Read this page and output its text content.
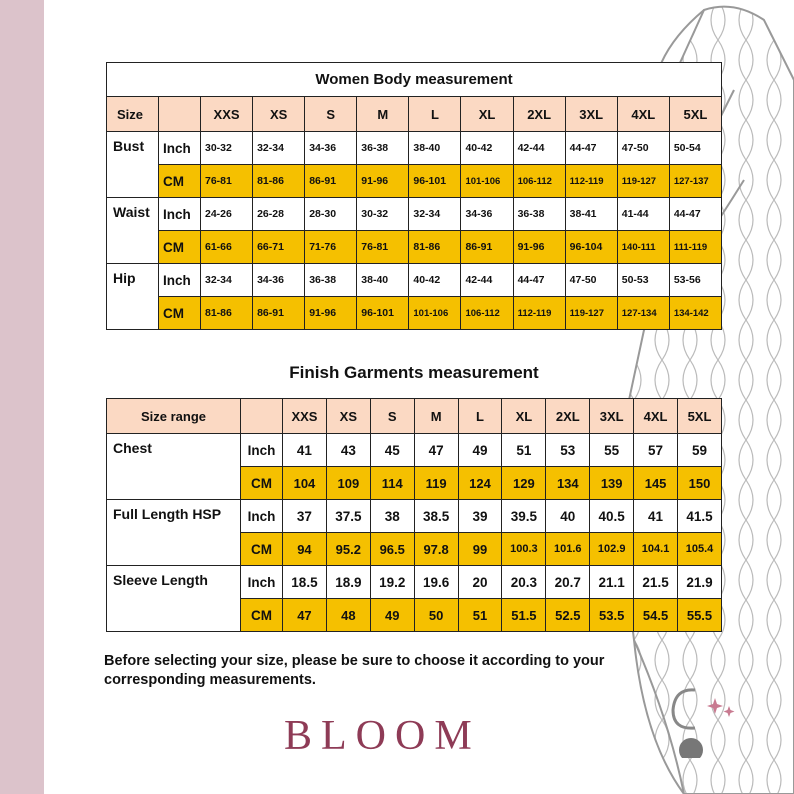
Women Body measurement											
Size		XXS	XS	S	M	L	XL	2XL	3XL	4XL	5XL
Bust	Inch	30-32	32-34	34-36	36-38	38-40	40-42	42-44	44-47	47-50	50-54
	CM	76-81	81-86	86-91	91-96	96-101	101-106	106-112	112-119	119-127	127-137
Waist	Inch	24-26	26-28	28-30	30-32	32-34	34-36	36-38	38-41	41-44	44-47
	CM	61-66	66-71	71-76	76-81	81-86	86-91	91-96	96-104	140-111	111-119
Hip	Inch	32-34	34-36	36-38	38-40	40-42	42-44	44-47	47-50	50-53	53-56
	CM	81-86	86-91	91-96	96-101	101-106	106-112	112-119	119-127	127-134	134-142
Finish Garments measurement
Size range		XXS	XS	S	M	L	XL	2XL	3XL	4XL	5XL
Chest	Inch	41	43	45	47	49	51	53	55	57	59
	CM	104	109	114	119	124	129	134	139	145	150
Full Length HSP	Inch	37	37.5	38	38.5	39	39.5	40	40.5	41	41.5
	CM	94	95.2	96.5	97.8	99	100.3	101.6	102.9	104.1	105.4
Sleeve Length	Inch	18.5	18.9	19.2	19.6	20	20.3	20.7	21.1	21.5	21.9
	CM	47	48	49	50	51	51.5	52.5	53.5	54.5	55.5
Before selecting your size, please be sure to choose it according to your corresponding measurements.
BLOOM
